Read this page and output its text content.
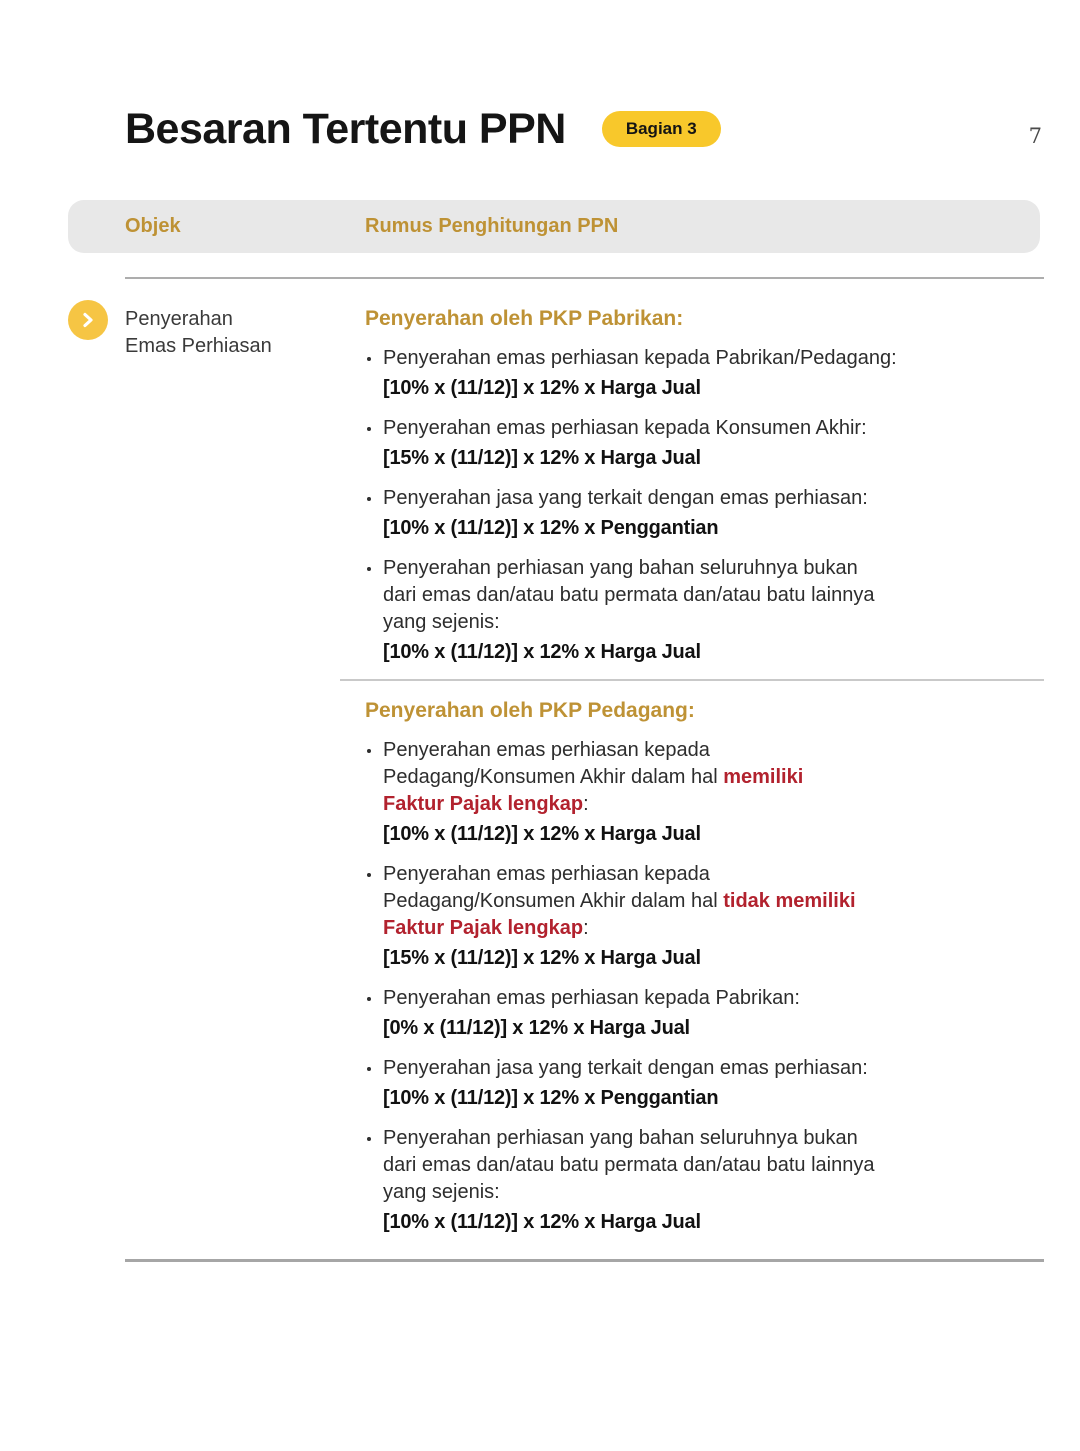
7
Besaran Tertentu PPN	Bagian 3
Objek	Rumus Penghitungan PPN
Penyerahan
Emas Perhiasan
Penyerahan oleh PKP Pabrikan:
Penyerahan emas perhiasan kepada Pabrikan/Pedagang:
[10% x (11/12)] x 12% x Harga Jual
Penyerahan emas perhiasan kepada Konsumen Akhir:
[15% x (11/12)] x 12% x Harga Jual
Penyerahan jasa yang terkait dengan emas perhiasan:
[10% x (11/12)] x 12% x Penggantian
Penyerahan perhiasan yang bahan seluruhnya bukan
dari emas dan/atau batu permata dan/atau batu lainnya
yang sejenis:
[10% x (11/12)] x 12% x Harga Jual
Penyerahan oleh PKP Pedagang:
Penyerahan emas perhiasan kepada
Pedagang/Konsumen Akhir dalam hal memiliki
Faktur Pajak lengkap:
[10% x (11/12)] x 12% x Harga Jual
Penyerahan emas perhiasan kepada
Pedagang/Konsumen Akhir dalam hal tidak memiliki
Faktur Pajak lengkap:
[15% x (11/12)] x 12% x Harga Jual
Penyerahan emas perhiasan kepada Pabrikan:
[0% x (11/12)] x 12% x Harga Jual
Penyerahan jasa yang terkait dengan emas perhiasan:
[10% x (11/12)] x 12% x Penggantian
Penyerahan perhiasan yang bahan seluruhnya bukan
dari emas dan/atau batu permata dan/atau batu lainnya
yang sejenis:
[10% x (11/12)] x 12% x Harga Jual
